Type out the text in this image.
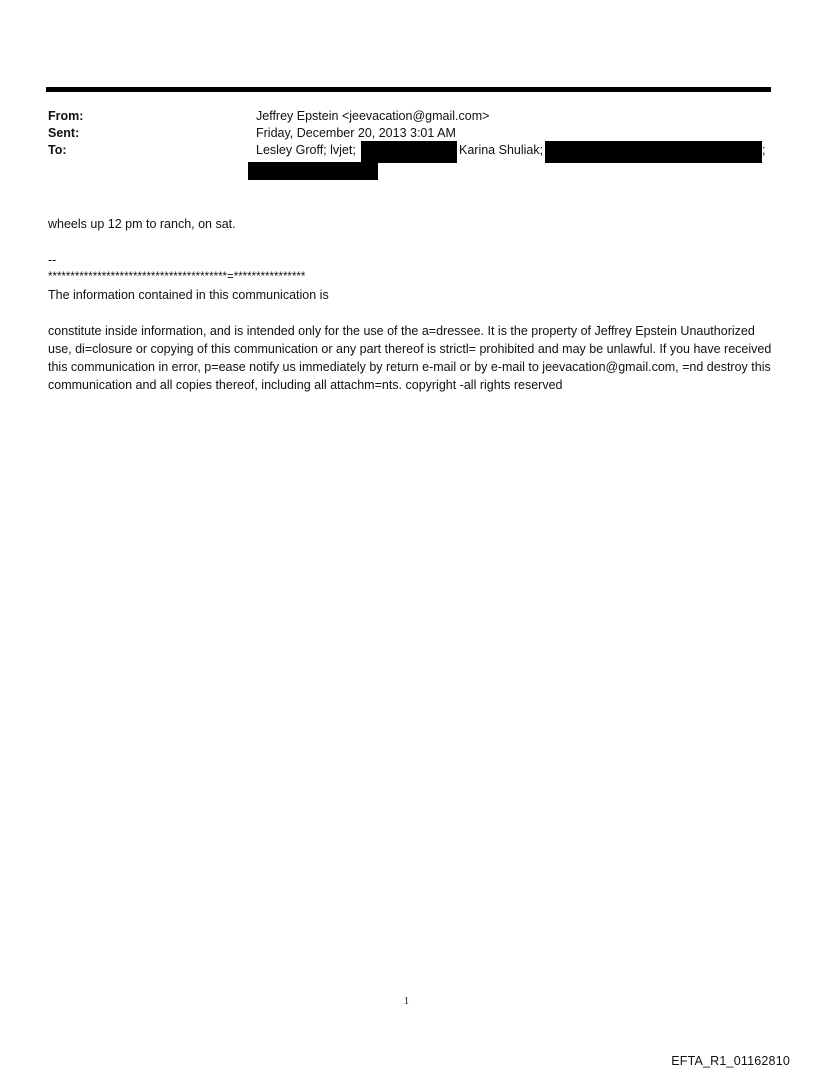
From:
Sent:
To:
Jeffrey Epstein <jeevacation@gmail.com>
Friday, December 20, 2013 3:01 AM
Lesley Groff; lvjet;	Karina Shuliak;	;
wheels up 12 pm to ranch, on sat.
--
****************************************=****************
The information contained in this communication is
constitute inside information, and is intended only for the use of the a=dressee. It is the property of Jeffrey Epstein Unauthorized use, di=closure or copying of this communication or any part thereof is strictl= prohibited and may be unlawful. If you have received this communication in error, p=ease notify us immediately by return e-mail or by e-mail to jeevacation@gmail.com, =nd destroy this communication and all copies thereof, including all attachm=nts. copyright -all rights reserved
1
EFTA_R1_01162810
